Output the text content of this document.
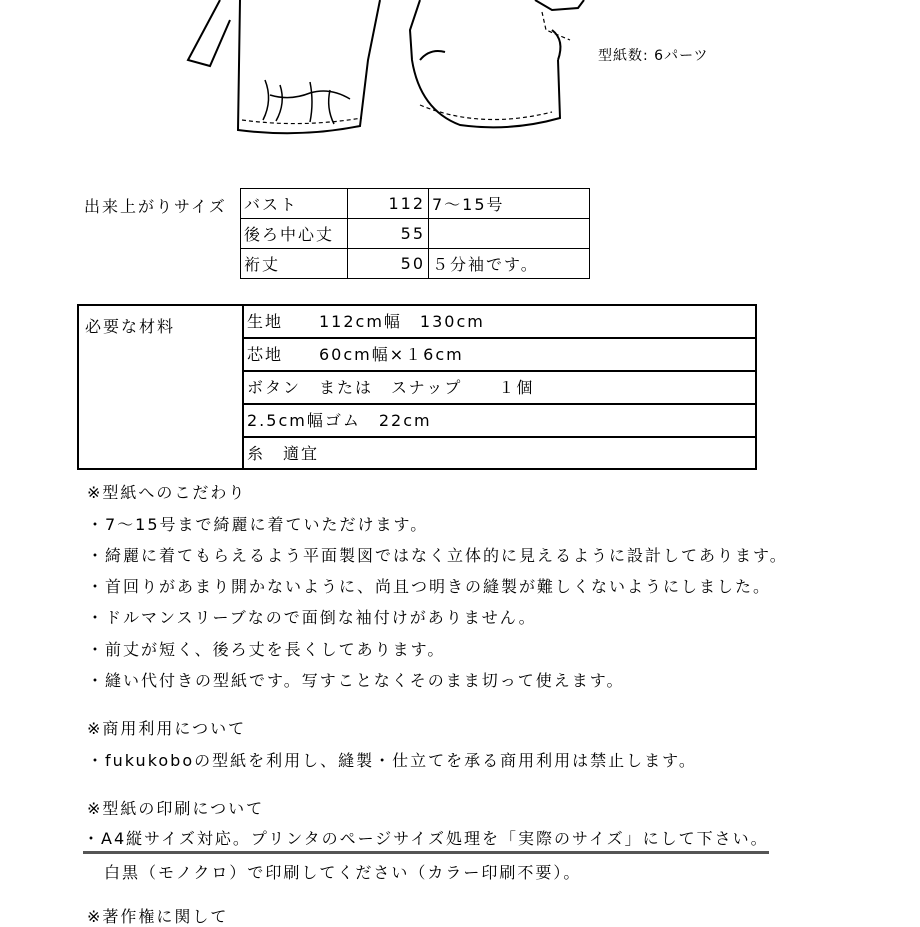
型紙数: 6パーツ
出来上がりサイズ バスト	112	7～15号
後ろ中心丈	55	
裄丈	50	５分袖です。
必要な材料	生地　　112cm幅　130cm
芯地　　60cm幅×１6cm
ボタン　または　スナップ　　１個
2.5cm幅ゴム　22cm
糸　適宜
※型紙へのこだわり
・7～15号まで綺麗に着ていただけます。
・綺麗に着てもらえるよう平面製図ではなく立体的に見えるように設計してあります。
・首回りがあまり開かないように、尚且つ明きの縫製が難しくないようにしました。
・ドルマンスリーブなので面倒な袖付けがありません。
・前丈が短く、後ろ丈を長くしてあります。
・縫い代付きの型紙です。写すことなくそのまま切って使えます。
※商用利用について
・fukukoboの型紙を利用し、縫製・仕立てを承る商用利用は禁止します。
※型紙の印刷について
・A4縦サイズ対応。プリンタのページサイズ処理を「実際のサイズ」にして下さい。
白黒（モノクロ）で印刷してください（カラー印刷不要）。
※著作権に関して
